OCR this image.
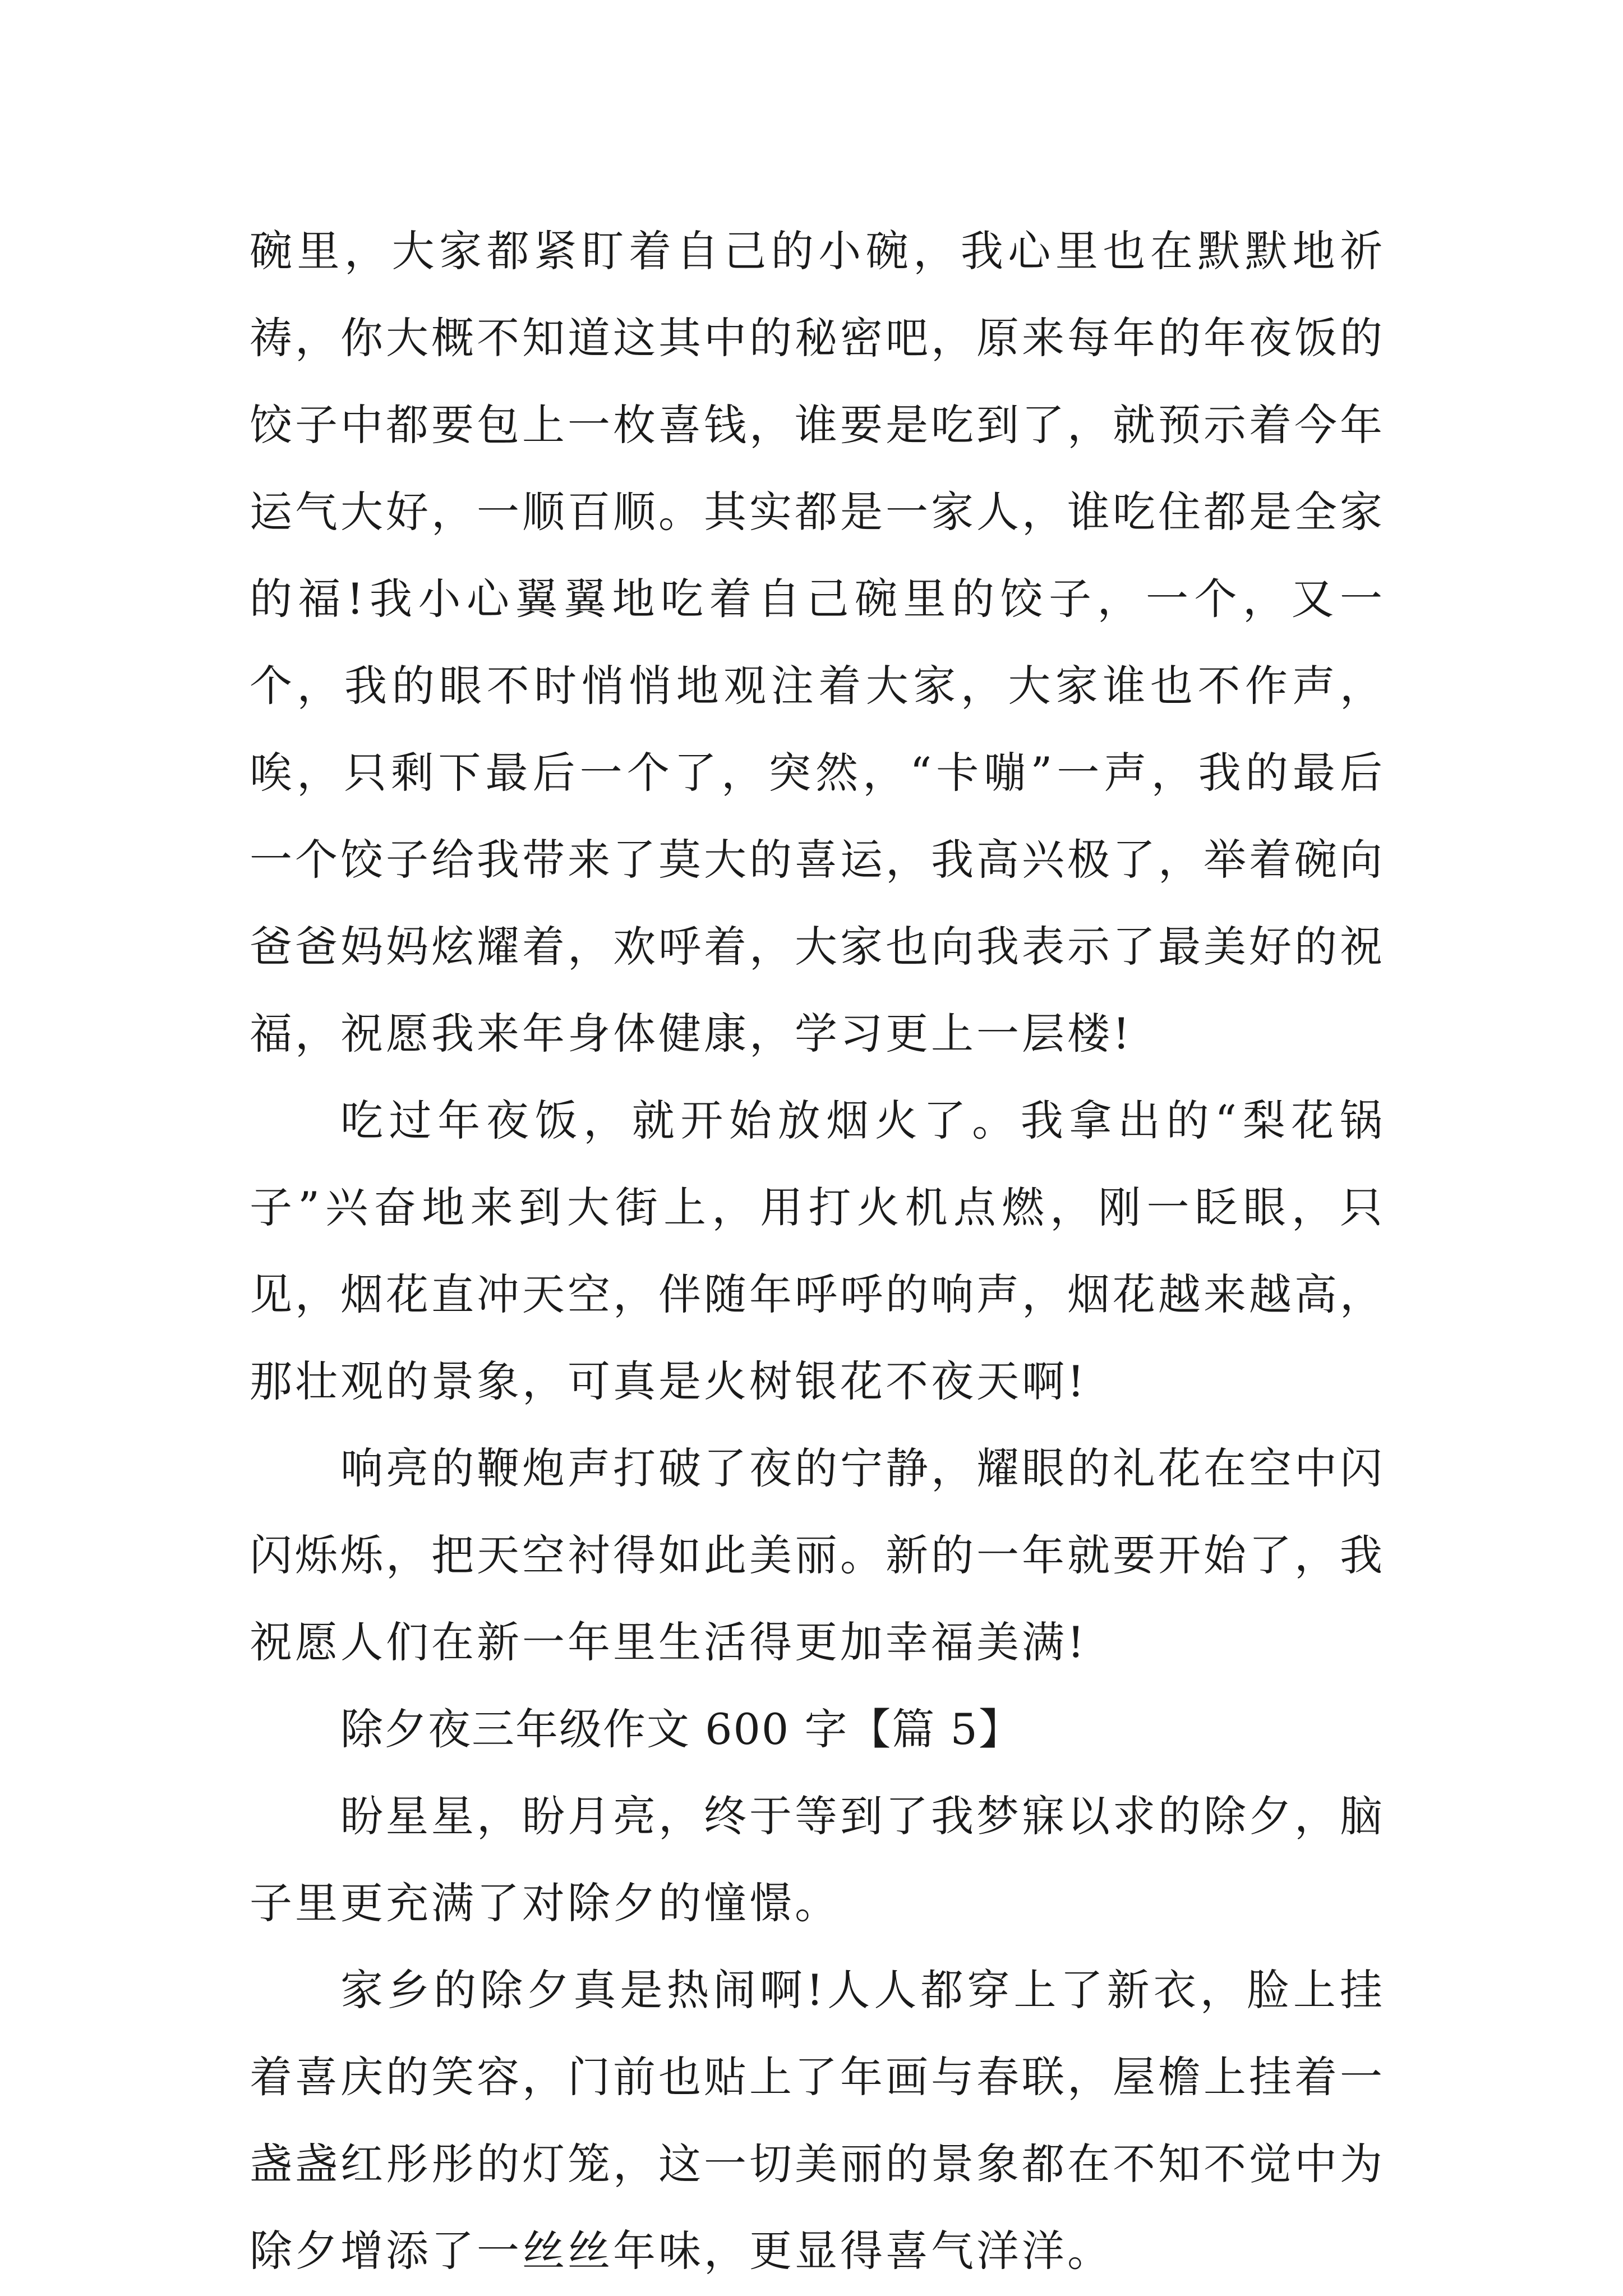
碗里，大家都紧盯着自己的小碗，我心里也在默默地祈祷，你大概不知道这其中的秘密吧，原来每年的年夜饭的饺子中都要包上一枚喜钱，谁要是吃到了，就预示着今年运气大好，一顺百顺。其实都是一家人，谁吃住都是全家的福!我小心翼翼地吃着自己碗里的饺子，一个，又一个，我的眼不时悄悄地观注着大家，大家谁也不作声，唉，只剩下最后一个了，突然，“卡嘣”一声，我的最后一个饺子给我带来了莫大的喜运，我高兴极了，举着碗向爸爸妈妈炫耀着，欢呼着，大家也向我表示了最美好的祝福，祝愿我来年身体健康，学习更上一层楼!

吃过年夜饭，就开始放烟火了。我拿出的“梨花锅子”兴奋地来到大街上，用打火机点燃，刚一眨眼，只见，烟花直冲天空，伴随年呼呼的响声，烟花越来越高，那壮观的景象，可真是火树银花不夜天啊!

响亮的鞭炮声打破了夜的宁静，耀眼的礼花在空中闪闪烁烁，把天空衬得如此美丽。新的一年就要开始了，我祝愿人们在新一年里生活得更加幸福美满!

除夕夜三年级作文 600 字【篇 5】

盼星星，盼月亮，终于等到了我梦寐以求的除夕，脑子里更充满了对除夕的憧憬。

家乡的除夕真是热闹啊!人人都穿上了新衣，脸上挂着喜庆的笑容，门前也贴上了年画与春联，屋檐上挂着一盏盏红彤彤的灯笼，这一切美丽的景象都在不知不觉中为除夕增添了一丝丝年味，更显得喜气洋洋。
